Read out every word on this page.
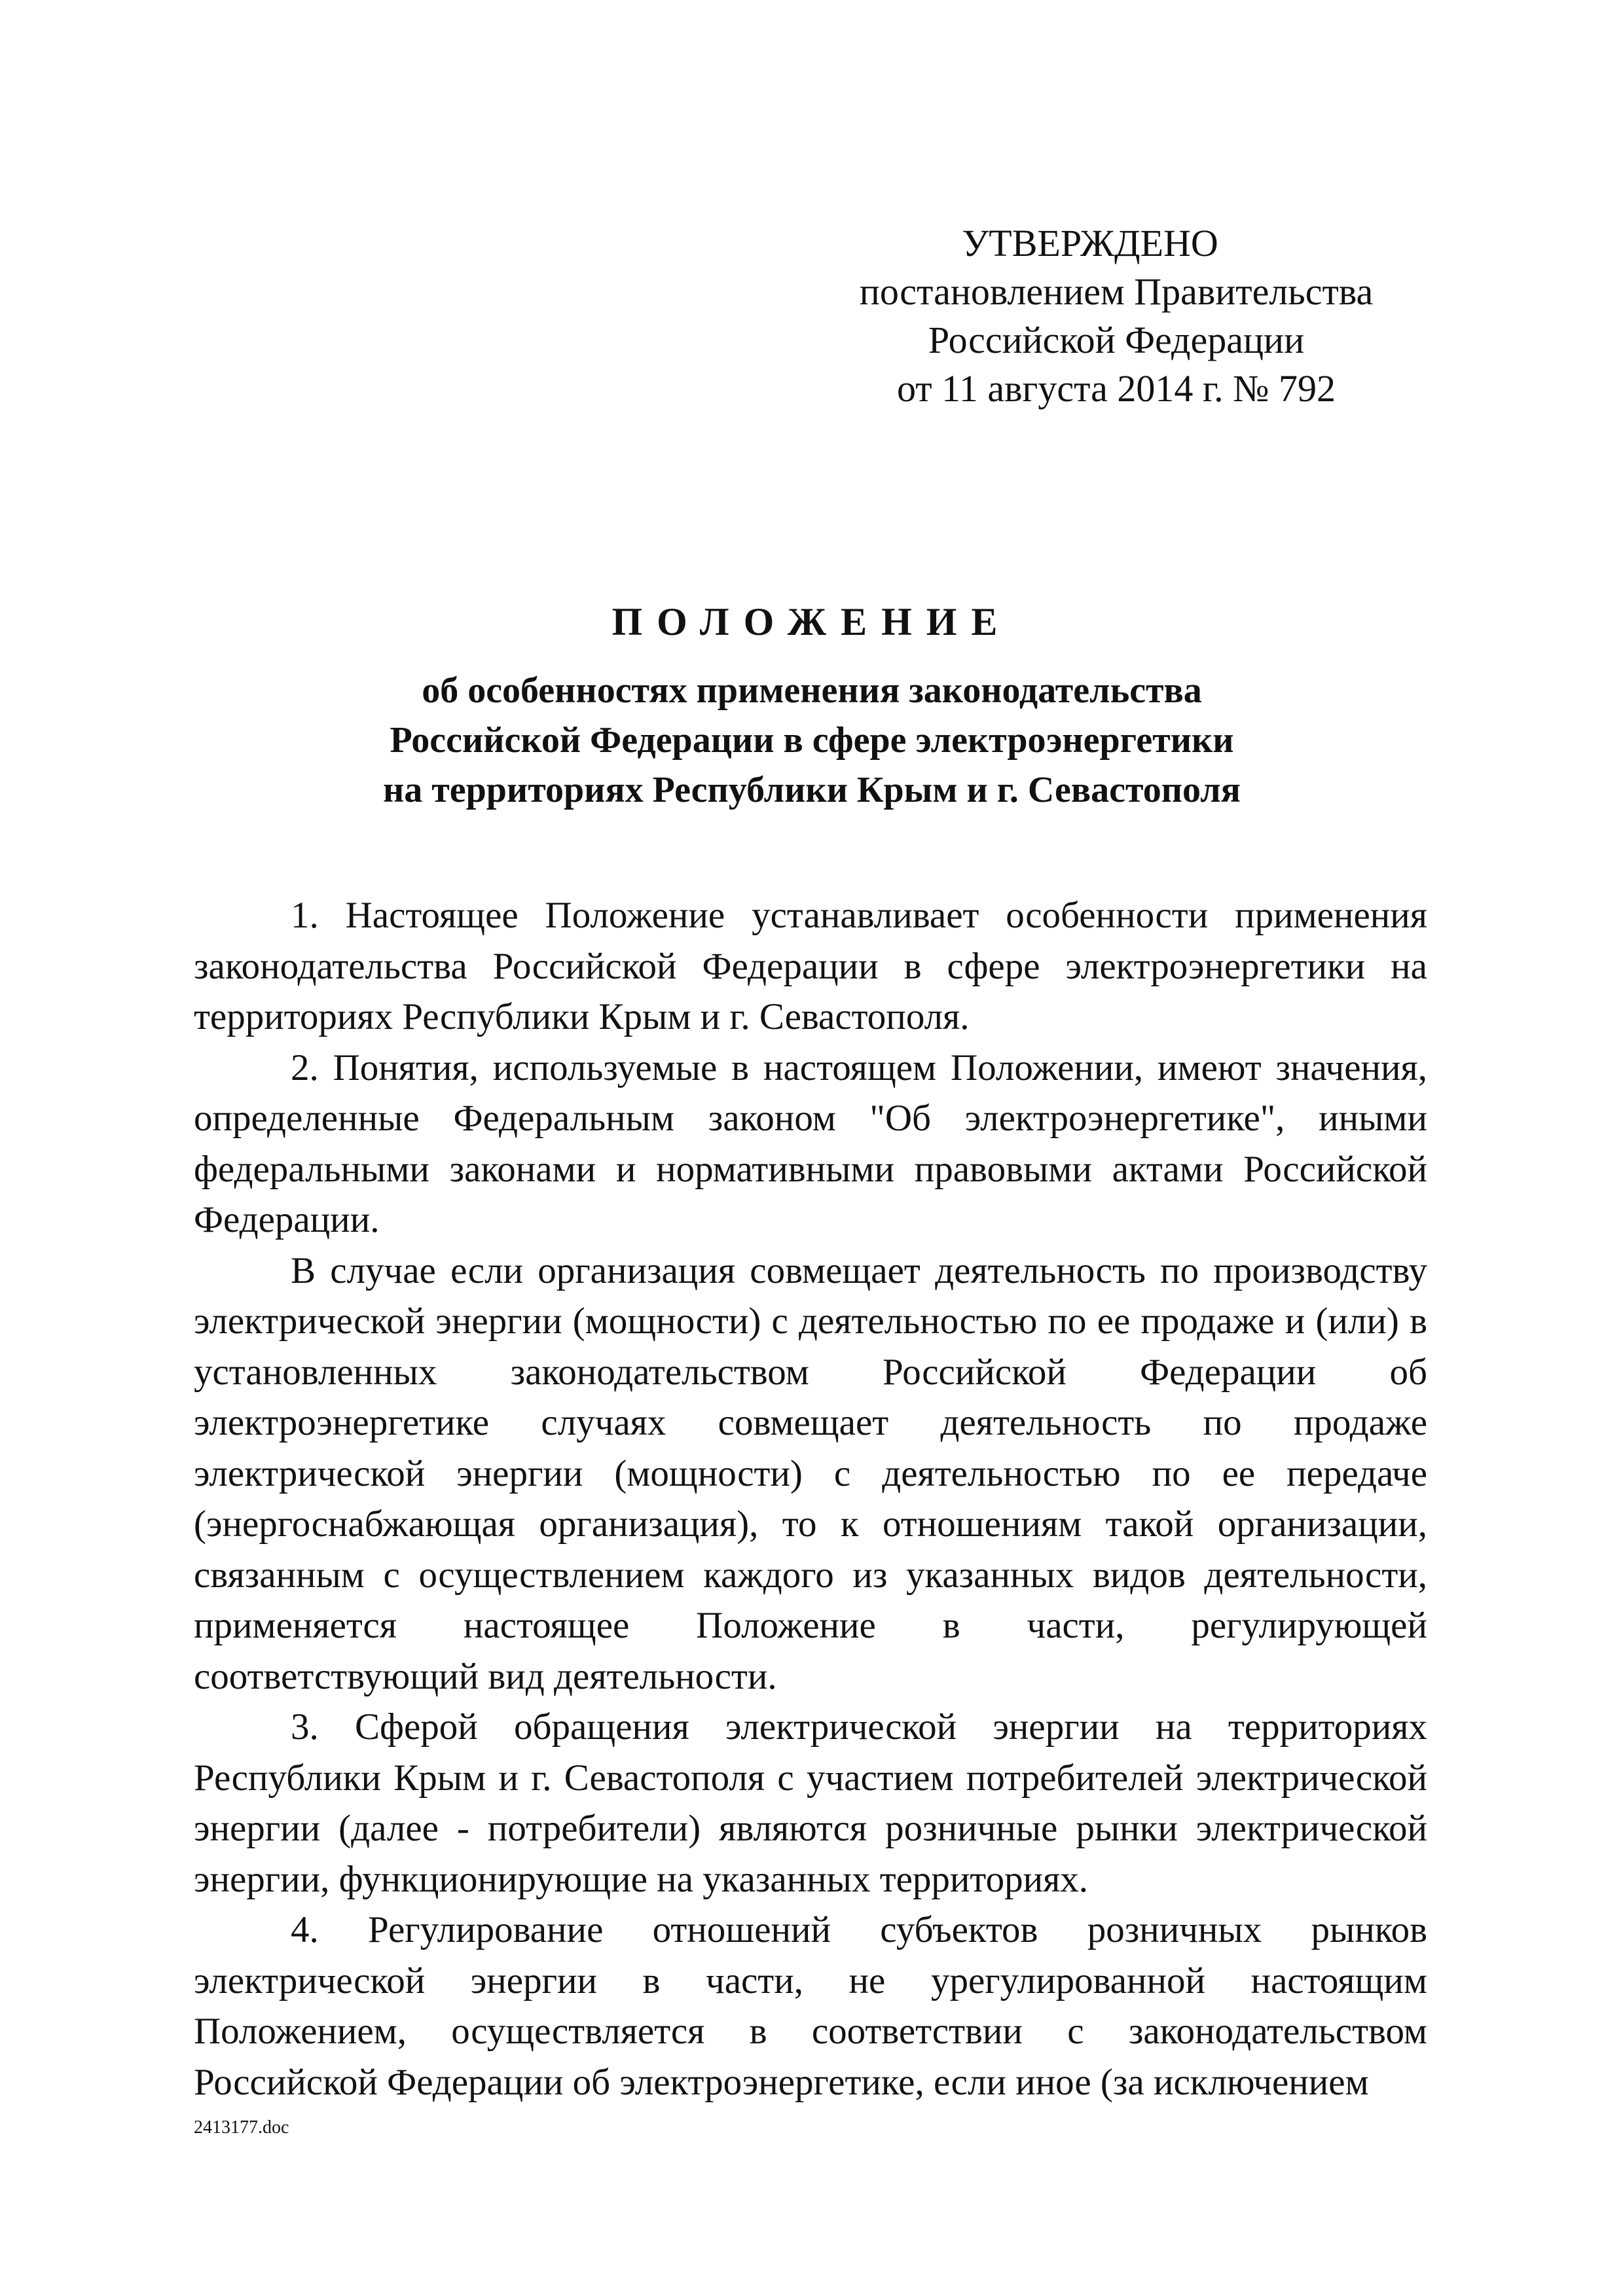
УТВЕРЖДЕНО
постановлением Правительства
Российской Федерации
от 11 августа 2014 г. № 792
ПОЛОЖЕНИЕ
об особенностях применения законодательства
Российской Федерации в сфере электроэнергетики
на территориях Республики Крым и г. Севастополя

1. Настоящее Положение устанавливает особенности применения законодательства Российской Федерации в сфере электроэнергетики на территориях Республики Крым и г. Севастополя.

2. Понятия, используемые в настоящем Положении, имеют значения, определенные Федеральным законом "Об электроэнергетике", иными федеральными законами и нормативными правовыми актами Российской Федерации.

В случае если организация совмещает деятельность по производству электрической энергии (мощности) с деятельностью по ее продаже и (или) в установленных законодательством Российской Федерации об электроэнергетике случаях совмещает деятельность по продаже электрической энергии (мощности) с деятельностью по ее передаче (энергоснабжающая организация), то к отношениям такой организации, связанным с осуществлением каждого из указанных видов деятельности, применяется настоящее Положение в части, регулирующей соответствующий вид деятельности.

3. Сферой обращения электрической энергии на территориях Республики Крым и г. Севастополя с участием потребителей электрической энергии (далее - потребители) являются розничные рынки электрической энергии, функционирующие на указанных территориях.

4. Регулирование отношений субъектов розничных рынков электрической энергии в части, не урегулированной настоящим Положением, осуществляется в соответствии с законодательством Российской Федерации об электроэнергетике, если иное (за исключением

2413177.doc
